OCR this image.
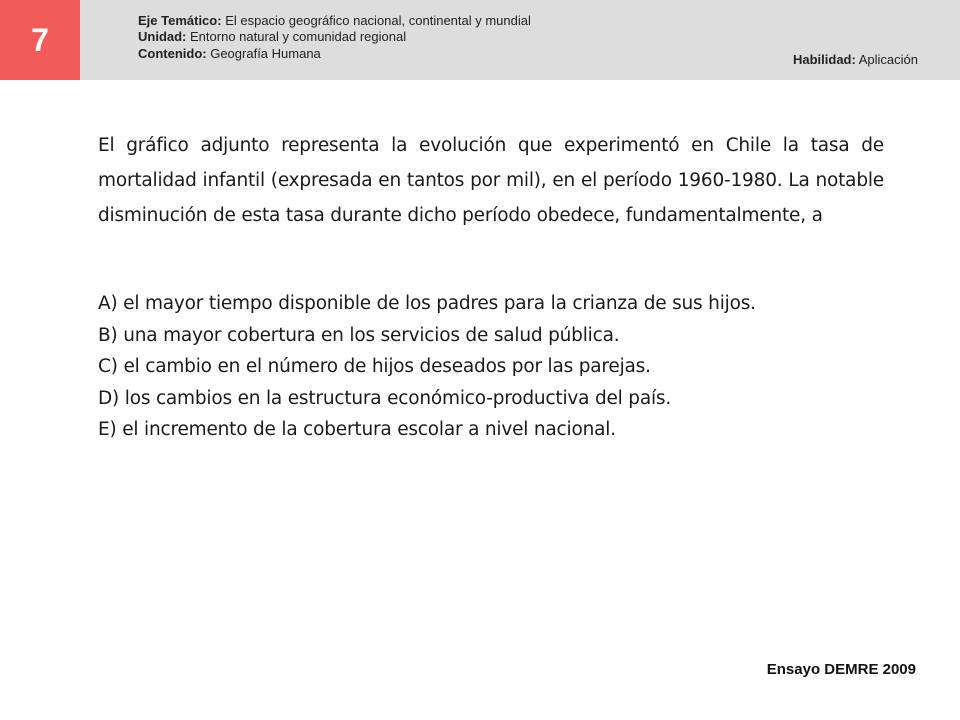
7
Eje Temático: El espacio geográfico nacional, continental y mundial
Unidad: Entorno natural y comunidad regional
Contenido: Geografía Humana	Habilidad: Aplicación

El gráfico adjunto representa la evolución que experimentó en Chile la tasa de mortalidad infantil (expresada en tantos por mil), en el período 1960-1980. La notable disminución de esta tasa durante dicho período obedece, fundamentalmente, a

A) el mayor tiempo disponible de los padres para la crianza de sus hijos.
B) una mayor cobertura en los servicios de salud pública.
C) el cambio en el número de hijos deseados por las parejas.
D) los cambios en la estructura económico-productiva del país.
E) el incremento de la cobertura escolar a nivel nacional.
Ensayo DEMRE 2009
